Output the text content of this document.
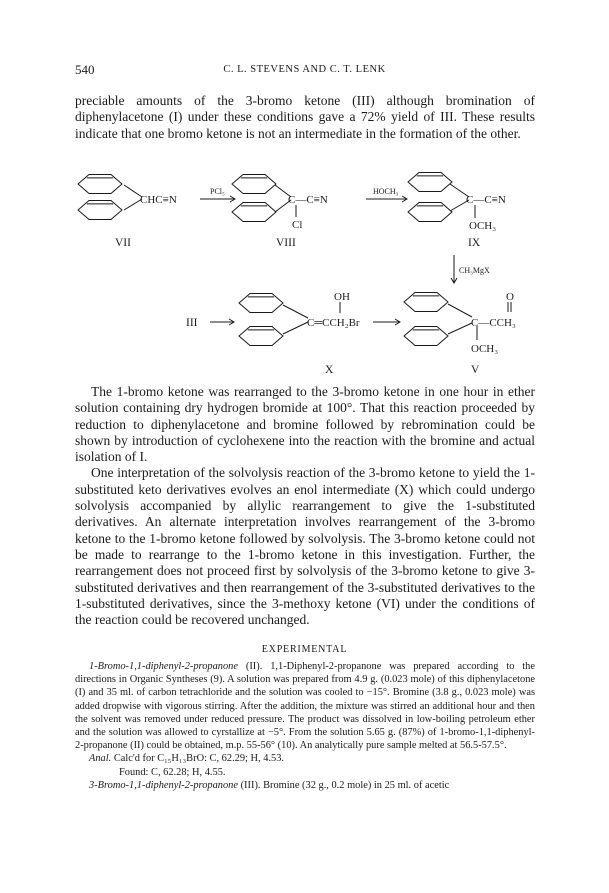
540	C. L. STEVENS AND C. T. LENK

preciable amounts of the 3-bromo ketone (III) although bromination of diphenylacetone (I) under these conditions gave a 72% yield of III. These results indicate that one bromo ketone is not an intermediate in the formation of the other.

CHC≡N
VII
PCl₅
C—C≡N
Cl
VIII
HOCH₃
C—C≡N
OCH₃
IX
CH₃MgX
III
OH
C═CCH₂Br
X
O
C—CCH₃
OCH₃
V

The 1-bromo ketone was rearranged to the 3-bromo ketone in one hour in ether solution containing dry hydrogen bromide at 100°. That this reaction proceeded by reduction to diphenylacetone and bromine followed by rebromination could be shown by introduction of cyclohexene into the reaction with the bromine and actual isolation of I.

One interpretation of the solvolysis reaction of the 3-bromo ketone to yield the 1-substituted keto derivatives evolves an enol intermediate (X) which could undergo solvolysis accompanied by allylic rearrangement to give the 1-substituted derivatives. An alternate interpretation involves rearrangement of the 3-bromo ketone to the 1-bromo ketone followed by solvolysis. The 3-bromo ketone could not be made to rearrange to the 1-bromo ketone in this investigation. Further, the rearrangement does not proceed first by solvolysis of the 3-bromo ketone to give 3-substituted derivatives and then rearrangement of the 3-substituted derivatives to the 1-substituted derivatives, since the 3-methoxy ketone (VI) under the conditions of the reaction could be recovered unchanged.

EXPERIMENTAL

1-Bromo-1,1-diphenyl-2-propanone (II). 1,1-Diphenyl-2-propanone was prepared according to the directions in Organic Syntheses (9). A solution was prepared from 4.9 g. (0.023 mole) of this diphenylacetone (I) and 35 ml. of carbon tetrachloride and the solution was cooled to −15°. Bromine (3.8 g., 0.023 mole) was added dropwise with vigorous stirring. After the addition, the mixture was stirred an additional hour and then the solvent was removed under reduced pressure. The product was dissolved in low-boiling petroleum ether and the solution was allowed to cyrstallize at −5°. From the solution 5.65 g. (87%) of 1-bromo-1,1-diphenyl-2-propanone (II) could be obtained, m.p. 55-56° (10). An analytically pure sample melted at 56.5-57.5°.

Anal. Calc'd for C₁₅H₁₃BrO: C, 62.29; H, 4.53.

Found: C, 62.28; H, 4.55.

3-Bromo-1,1-diphenyl-2-propanone (III). Bromine (32 g., 0.2 mole) in 25 ml. of acetic
